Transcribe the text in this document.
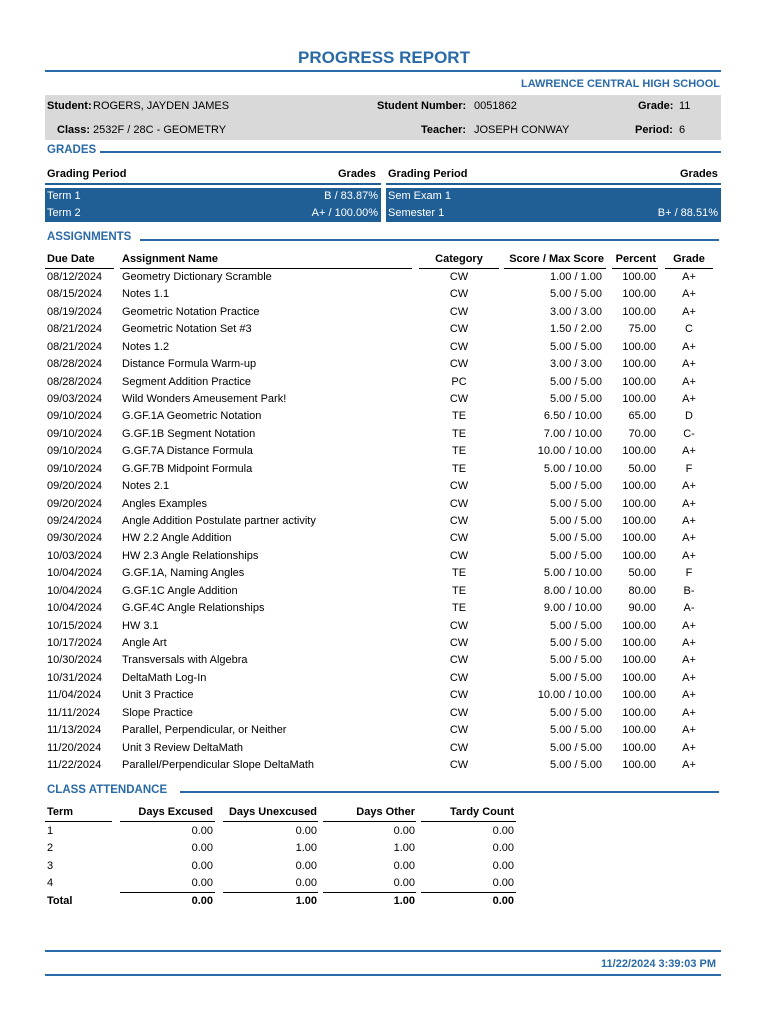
PROGRESS REPORT
LAWRENCE CENTRAL HIGH SCHOOL
Student: ROGERS, JAYDEN JAMES	Student Number: 0051862	Grade: 11
Class: 2532F / 28C - GEOMETRY	Teacher: JOSEPH CONWAY	Period: 6
GRADES
Grading Period	Grades Grading Period	Grades
Term 1	B / 83.87%
Term 2	A+ / 100.00%
Sem Exam 1
Semester 1	B+ / 88.51%
ASSIGNMENTS
Due Date Assignment Name	Category	Score / Max Score	Percent	Grade
08/12/2024 Geometry Dictionary Scramble	CW	1.00 / 1.00	100.00	A+
08/15/2024 Notes 1.1	CW	5.00 / 5.00	100.00	A+
08/19/2024 Geometric Notation Practice	CW	3.00 / 3.00	100.00	A+
08/21/2024 Geometric Notation Set #3	CW	1.50 / 2.00	75.00	C
08/21/2024 Notes 1.2	CW	5.00 / 5.00	100.00	A+
08/28/2024 Distance Formula Warm-up	CW	3.00 / 3.00	100.00	A+
08/28/2024 Segment Addition Practice	PC	5.00 / 5.00	100.00	A+
09/03/2024 Wild Wonders Ameusement Park!	CW	5.00 / 5.00	100.00	A+
09/10/2024 G.GF.1A Geometric Notation	TE	6.50 / 10.00	65.00	D
09/10/2024 G.GF.1B Segment Notation	TE	7.00 / 10.00	70.00	C-
09/10/2024 G.GF.7A Distance Formula	TE	10.00 / 10.00	100.00	A+
09/10/2024 G.GF.7B Midpoint Formula	TE	5.00 / 10.00	50.00	F
09/20/2024 Notes 2.1	CW	5.00 / 5.00	100.00	A+
09/20/2024 Angles Examples	CW	5.00 / 5.00	100.00	A+
09/24/2024 Angle Addition Postulate partner activity	CW	5.00 / 5.00	100.00	A+
09/30/2024 HW 2.2 Angle Addition	CW	5.00 / 5.00	100.00	A+
10/03/2024 HW 2.3 Angle Relationships	CW	5.00 / 5.00	100.00	A+
10/04/2024 G.GF.1A, Naming Angles	TE	5.00 / 10.00	50.00	F
10/04/2024 G.GF.1C Angle Addition	TE	8.00 / 10.00	80.00	B-
10/04/2024 G.GF.4C Angle Relationships	TE	9.00 / 10.00	90.00	A-
10/15/2024 HW 3.1	CW	5.00 / 5.00	100.00	A+
10/17/2024 Angle Art	CW	5.00 / 5.00	100.00	A+
10/30/2024 Transversals with Algebra	CW	5.00 / 5.00	100.00	A+
10/31/2024 DeltaMath Log-In	CW	5.00 / 5.00	100.00	A+
11/04/2024 Unit 3 Practice	CW	10.00 / 10.00	100.00	A+
11/11/2024 Slope Practice	CW	5.00 / 5.00	100.00	A+
11/13/2024 Parallel, Perpendicular, or Neither	CW	5.00 / 5.00	100.00	A+
11/20/2024 Unit 3 Review DeltaMath	CW	5.00 / 5.00	100.00	A+
11/22/2024 Parallel/Perpendicular Slope DeltaMath	CW	5.00 / 5.00	100.00	A+
CLASS ATTENDANCE
Term	Days Excused	Days Unexcused	Days Other	Tardy Count
1	0.00	0.00	0.00	0.00
2	0.00	1.00	1.00	0.00
3	0.00	0.00	0.00	0.00
4	0.00	0.00	0.00	0.00
Total	0.00	1.00	1.00	0.00
11/22/2024 3:39:03 PM
